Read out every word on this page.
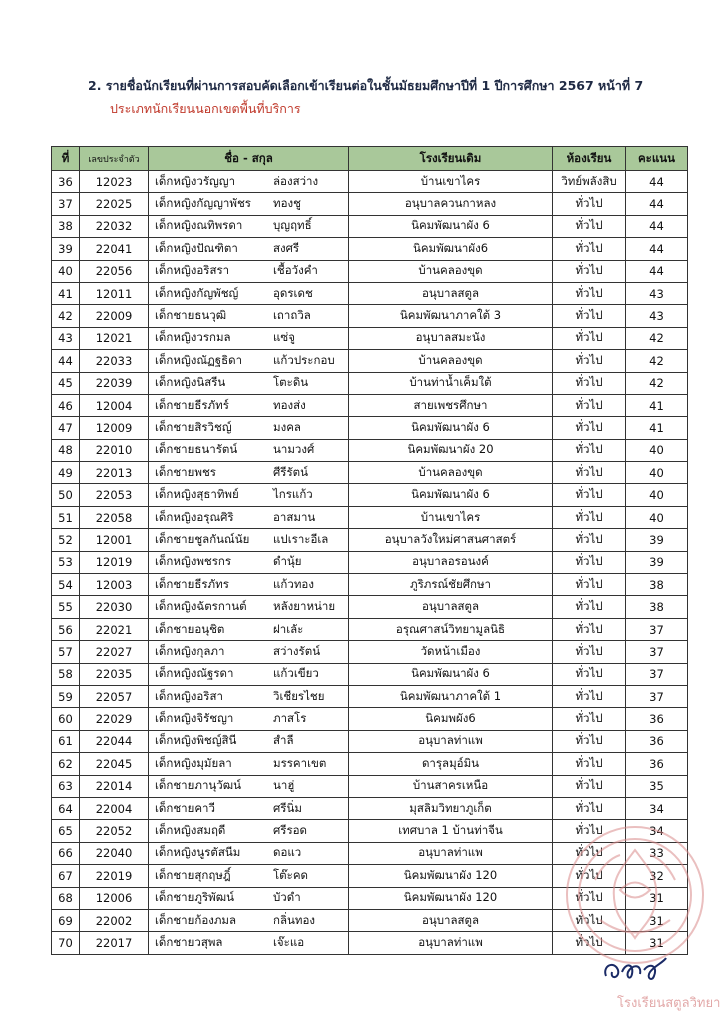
2. รายชื่อนักเรียนที่ผ่านการสอบคัดเลือกเข้าเรียนต่อในชั้นมัธยมศึกษาปีที่ 1 ปีการศึกษา 2567 หน้าที่ 7
ประเภทนักเรียนนอกเขตพื้นที่บริการ
ที่	เลขประจำตัว	ชื่อ - สกุล	โรงเรียนเดิม	ห้องเรียน	คะแนน
36	12023	เด็กหญิงวรัญญา ล่องสว่าง	บ้านเขาไคร	วิทย์พลังสิบ	44
37	22025	เด็กหญิงกัญญาพัชร ทองชู	อนุบาลควนกาหลง	ทั่วไป	44
38	22032	เด็กหญิงณทิพรดา บุญฤทธิ์	นิคมพัฒนาผัง 6	ทั่วไป	44
39	22041	เด็กหญิงปัณฑิตา สงศรี	นิคมพัฒนาผัง6	ทั่วไป	44
40	22056	เด็กหญิงอริสรา เชื้อวังคำ	บ้านคลองขุด	ทั่วไป	44
41	12011	เด็กหญิงกัญพัชญ์ อุดรเดช	อนุบาลสตูล	ทั่วไป	43
42	22009	เด็กชายธนวุฒิ เถาถวิล	นิคมพัฒนาภาคใต้ 3	ทั่วไป	43
43	12021	เด็กหญิงวรกมล แซ่จู	อนุบาลสมะนัง	ทั่วไป	42
44	22033	เด็กหญิงณัฏฐธิดา แก้วประกอบ	บ้านคลองขุด	ทั่วไป	42
45	22039	เด็กหญิงนิสรีน โตะดิน	บ้านท่าน้ำเค็มใต้	ทั่วไป	42
46	12004	เด็กชายธีรภัทร์ ทองส่ง	สายเพชรศึกษา	ทั่วไป	41
47	12009	เด็กชายสิรวิชญ์ มงคล	นิคมพัฒนาผัง 6	ทั่วไป	41
48	22010	เด็กชายธนารัตน์ นามวงศ์	นิคมพัฒนาผัง 20	ทั่วไป	40
49	22013	เด็กชายพชร ศีรีรัตน์	บ้านคลองขุด	ทั่วไป	40
50	22053	เด็กหญิงสุธาทิพย์ ไกรแก้ว	นิคมพัฒนาผัง 6	ทั่วไป	40
51	22058	เด็กหญิงอรุณศิริ อาสมาน	บ้านเขาไคร	ทั่วไป	40
52	12001	เด็กชายชูลกันณ์นัย แปเราะอีเล	อนุบาลวังใหม่ศาสนศาสตร์	ทั่วไป	39
53	12019	เด็กหญิงพชรกร ดำนุ้ย	อนุบาลอรอนงค์	ทั่วไป	39
54	12003	เด็กชายธีรภัทร แก้วทอง	ภูริภรณ์ชัยศึกษา	ทั่วไป	38
55	22030	เด็กหญิงฉัตรกานต์ หลังยาหน่าย	อนุบาลสตูล	ทั่วไป	38
56	22021	เด็กชายอนุชิต ฝาเลัะ	อรุณศาสน์วิทยามูลนิธิ	ทั่วไป	37
57	22027	เด็กหญิงกุลภา สว่างรัตน์	วัดหน้าเมือง	ทั่วไป	37
58	22035	เด็กหญิงณัฐรดา แก้วเขียว	นิคมพัฒนาผัง 6	ทั่วไป	37
59	22057	เด็กหญิงอริสา วิเชียรไชย	นิคมพัฒนาภาคใต้ 1	ทั่วไป	37
60	22029	เด็กหญิงจิรัชญา ภาสโร	นิคมพผัง6	ทั่วไป	36
61	22044	เด็กหญิงพิชญ์สินี สำลี	อนุบาลท่าแพ	ทั่วไป	36
62	22045	เด็กหญิงมุมัยลา มรรคาเขต	ดารุลมุอ์มิน	ทั่วไป	36
63	22014	เด็กชายภานุวัฒน์ นาฮู่	บ้านสาครเหนือ	ทั่วไป	35
64	22004	เด็กชายคาวี ศรีนิ่ม	มุสลิมวิทยาภูเก็ต	ทั่วไป	34
65	22052	เด็กหญิงสมฤดี ศรีรอด	เทศบาล 1 บ้านท่าจีน	ทั่วไป	34
66	22040	เด็กหญิงนูรตัสนีม ดอแว	อนุบาลท่าแพ	ทั่วไป	33
67	22019	เด็กชายสุกฤษฎิ์ โต๊ะคด	นิคมพัฒนาผัง 120	ทั่วไป	32
68	12006	เด็กชายภูริพัฒน์ บัวดำ	นิคมพัฒนาผัง 120	ทั่วไป	31
69	22002	เด็กชายก้องภมล กลิ่นทอง	อนุบาลสตูล	ทั่วไป	31
70	22017	เด็กชายวสุพล เจ๊ะแอ	อนุบาลท่าแพ	ทั่วไป	31
โรงเรียนสตูลวิทยา
